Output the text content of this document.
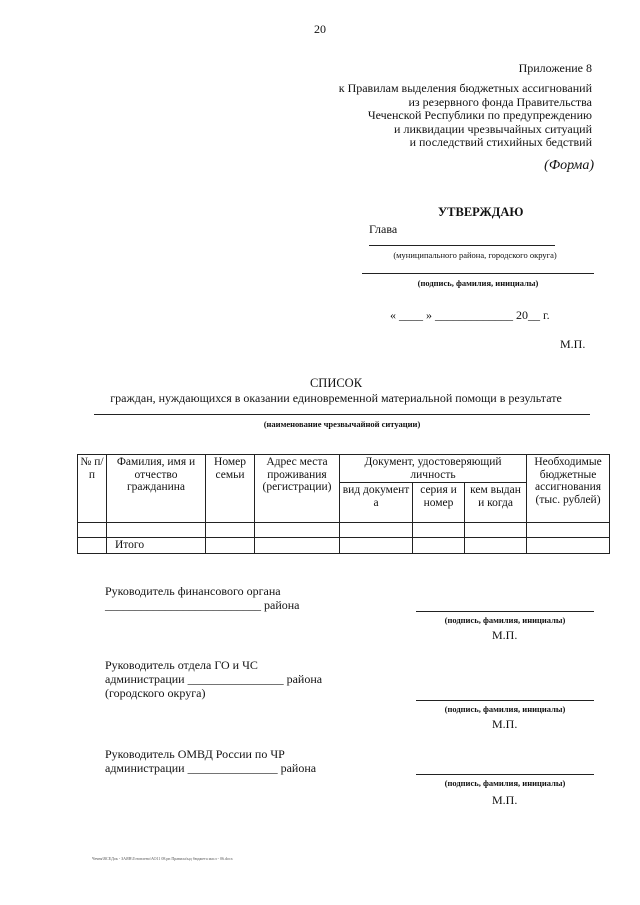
20
Приложение 8
к Правилам выделения бюджетных ассигнований
из резервного фонда Правительства
Чеченской Республики по предупреждению
и ликвидации чрезвычайных ситуаций
и последствий стихийных бедствий
(Форма)
УТВЕРЖДАЮ
Глава
(муниципального района, городского округа)
(подпись, фамилия, инициалы)
« ____ » _____________ 20__ г.
М.П.
СПИСОК
граждан, нуждающихся в оказании единовременной материальной помощи в результате
(наименование чрезвычайной ситуации)
№ п/п	Фамилия, имя и отчество гражданина	Номер семьи	Адрес места проживания (регистрации)	Документ, удостоверяющий личность			Необходимые бюджетные ассигнования (тыс. рублей)
				вид документ а	серия и номер	кем выдан и когда	

	Итого						
Руководитель финансового органа
__________________________ района
(подпись, фамилия, инициалы)
М.П.
Руководитель отдела ГО и ЧС
администрации ________________ района
(городского округа)
(подпись, фамилия, инициалы)
М.П.
Руководитель ОМВД России по ЧР
администрации _______________ района
(подпись, фамилия, инициалы)
М.П.
Чечня\ВСЕДок - ЗАЯВ\Готовлено\АО11 08.pn Правила\ыд бюджета масл - 06.docx
